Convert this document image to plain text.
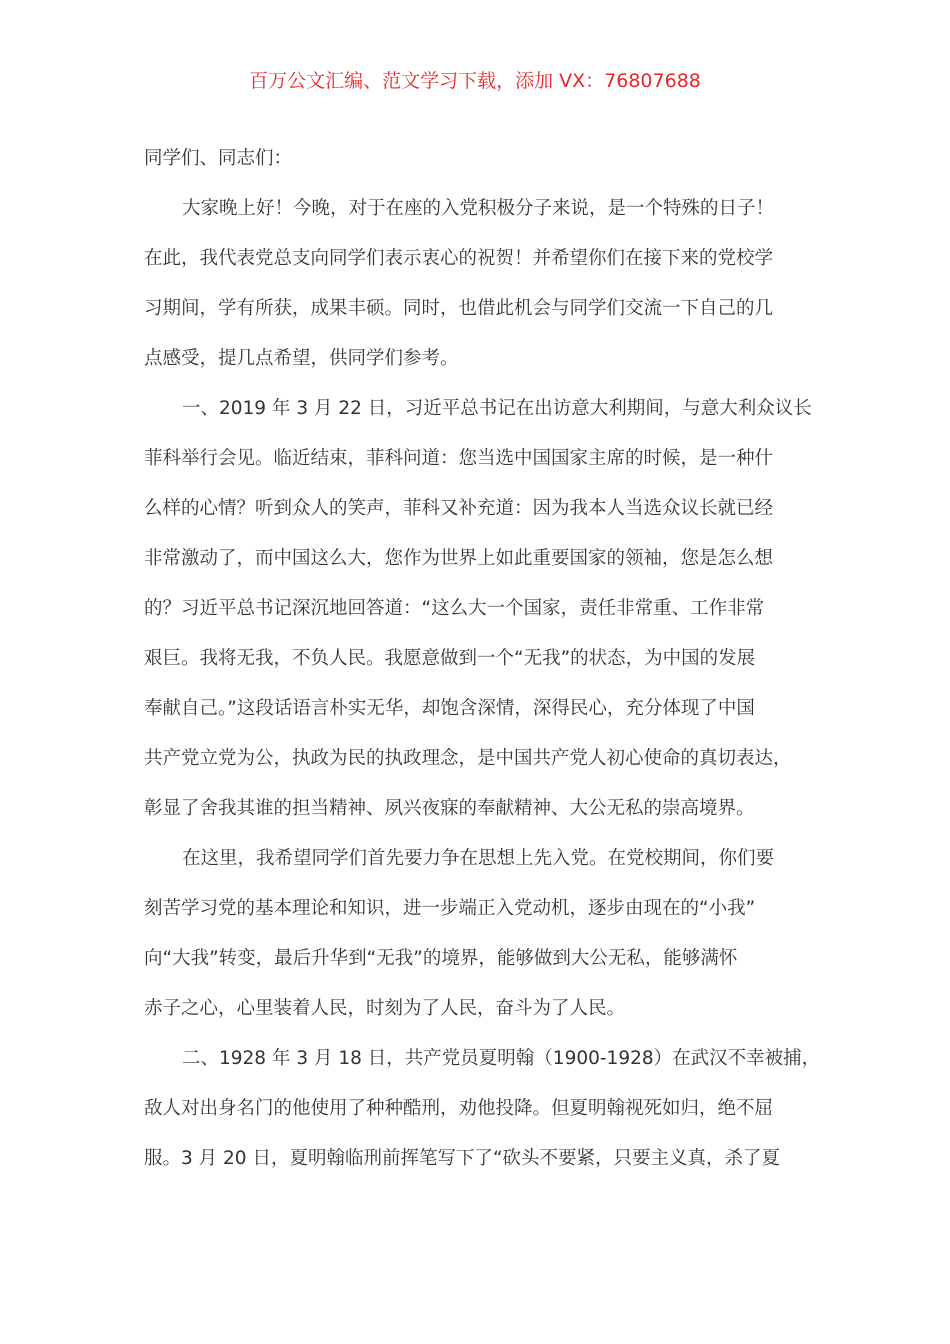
百万公文汇编、范文学习下载，添加 VX：76807688
同学们、同志们：
大家晚上好！今晚，对于在座的入党积极分子来说，是一个特殊的日子！
在此，我代表党总支向同学们表示衷心的祝贺！并希望你们在接下来的党校学
习期间，学有所获，成果丰硕。同时，也借此机会与同学们交流一下自己的几
点感受，提几点希望，供同学们参考。
一、2019 年 3 月 22 日，习近平总书记在出访意大利期间，与意大利众议长
菲科举行会见。临近结束，菲科问道：您当选中国国家主席的时候，是一种什
么样的心情？听到众人的笑声，菲科又补充道：因为我本人当选众议长就已经
非常激动了，而中国这么大，您作为世界上如此重要国家的领袖，您是怎么想
的？习近平总书记深沉地回答道：“这么大一个国家，责任非常重、工作非常
艰巨。我将无我，不负人民。我愿意做到一个“无我”的状态，为中国的发展
奉献自己。”这段话语言朴实无华，却饱含深情，深得民心，充分体现了中国
共产党立党为公，执政为民的执政理念，是中国共产党人初心使命的真切表达，
彰显了舍我其谁的担当精神、夙兴夜寐的奉献精神、大公无私的崇高境界。
在这里，我希望同学们首先要力争在思想上先入党。在党校期间，你们要
刻苦学习党的基本理论和知识，进一步端正入党动机，逐步由现在的“小我”
向“大我”转变，最后升华到“无我”的境界，能够做到大公无私，能够满怀
赤子之心，心里装着人民，时刻为了人民，奋斗为了人民。
二、1928 年 3 月 18 日，共产党员夏明翰（1900-1928）在武汉不幸被捕，
敌人对出身名门的他使用了种种酷刑，劝他投降。但夏明翰视死如归，绝不屈
服。3 月 20 日，夏明翰临刑前挥笔写下了“砍头不要紧，只要主义真，杀了夏
